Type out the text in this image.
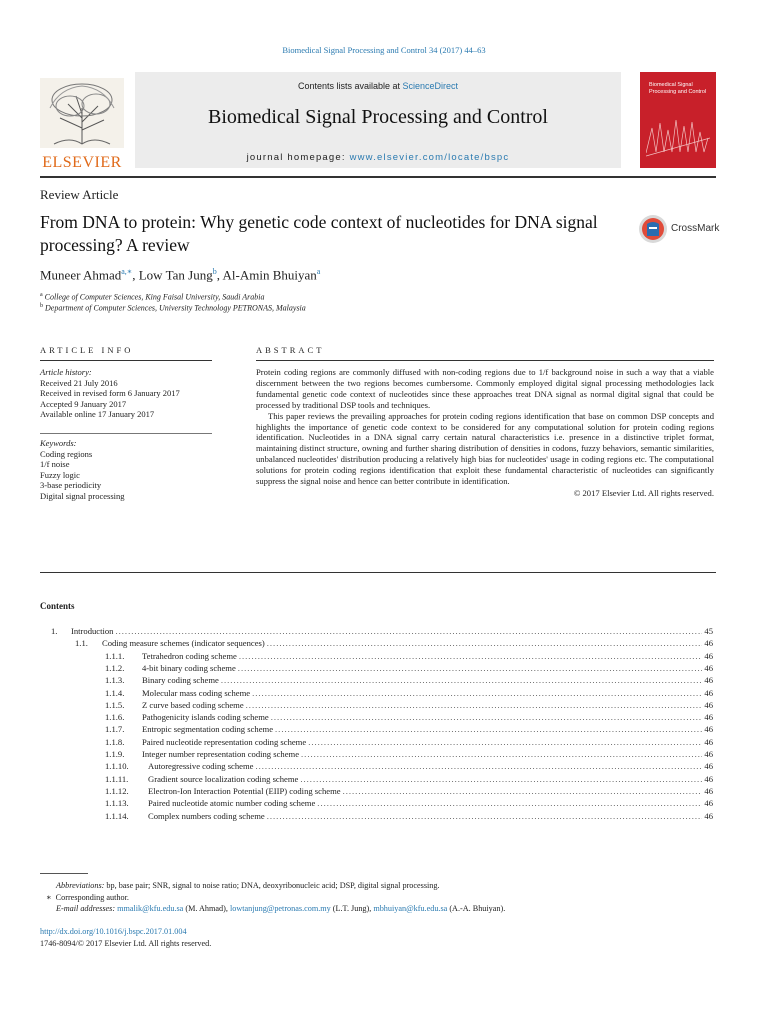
Biomedical Signal Processing and Control 34 (2017) 44–63
ELSEVIER
Contents lists available at ScienceDirect
Biomedical Signal Processing and Control
journal homepage: www.elsevier.com/locate/bspc
Biomedical Signal Processing and Control
Review Article
From DNA to protein: Why genetic code context of nucleotides for DNA signal processing? A review
CrossMark
Muneer Ahmad$^{a,∗}$, Low Tan Jung$^b$, Al-Amin Bhuiyan$^a$
$^a$ College of Computer Sciences, King Faisal University, Saudi Arabia
$^b$ Department of Computer Sciences, University Technology PETRONAS, Malaysia
ARTICLE INFO	ABSTRACT
Article history:
Received 21 July 2016
Received in revised form 6 January 2017
Accepted 9 January 2017
Available online 17 January 2017
Keywords:
Coding regions
1/f noise
Fuzzy logic
3-base periodicity
Digital signal processing

Protein coding regions are commonly diffused with non-coding regions due to 1/f background noise in such a way that a viable discernment between the two regions becomes cumbersome. Commonly employed digital signal processing methodologies lack fundamental genetic code context of nucleotides since these approaches treat DNA signal as normal digital signal that could be processed by traditional DSP tools and techniques.

This paper reviews the prevailing approaches for protein coding regions identification that base on common DSP concepts and highlights the importance of genetic code context to be considered for any computational solution for protein coding regions identification. Nucleotides in a DNA signal carry certain natural characteristics i.e. presence in a distinctive triplet format, maintaining distinct structure, owning and further sharing distribution of densities in codons, fuzzy behaviors, semantic similarities, unbalanced nucleotides' distribution producing a relatively high bias for nucleotides' usage in coding regions etc. The computational solutions for protein coding regions identification that exploit these fundamental characteristic of nucleotides can significantly suppress the signal noise and hence can better contribute in identification.

© 2017 Elsevier Ltd. All rights reserved.

Contents
1.	Introduction .....	45
1.1.	Coding measure schemes (indicator sequences) .....	46
1.1.1.	Tetrahedron coding scheme .....	46
1.1.2.	4-bit binary coding scheme .....	46
1.1.3.	Binary coding scheme .....	46
1.1.4.	Molecular mass coding scheme .....	46
1.1.5.	Z curve based coding scheme .....	46
1.1.6.	Pathogenicity islands coding scheme .....	46
1.1.7.	Entropic segmentation coding scheme .....	46
1.1.8.	Paired nucleotide representation coding scheme .....	46
1.1.9.	Integer number representation coding scheme .....	46
1.1.10.	Autoregressive coding scheme .....	46
1.1.11.	Gradient source localization coding scheme .....	46
1.1.12.	Electron-Ion Interaction Potential (EIIP) coding scheme .....	46
1.1.13.	Paired nucleotide atomic number coding scheme .....	46
1.1.14.	Complex numbers coding scheme .....	46
Abbreviations: bp, base pair; SNR, signal to noise ratio; DNA, deoxyribonucleic acid; DSP, digital signal processing.
∗ Corresponding author.
E-mail addresses: mmalik@kfu.edu.sa (M. Ahmad), lowtanjung@petronas.com.my (L.T. Jung), mbhuiyan@kfu.edu.sa (A.-A. Bhuiyan).
http://dx.doi.org/10.1016/j.bspc.2017.01.004
1746-8094/© 2017 Elsevier Ltd. All rights reserved.
